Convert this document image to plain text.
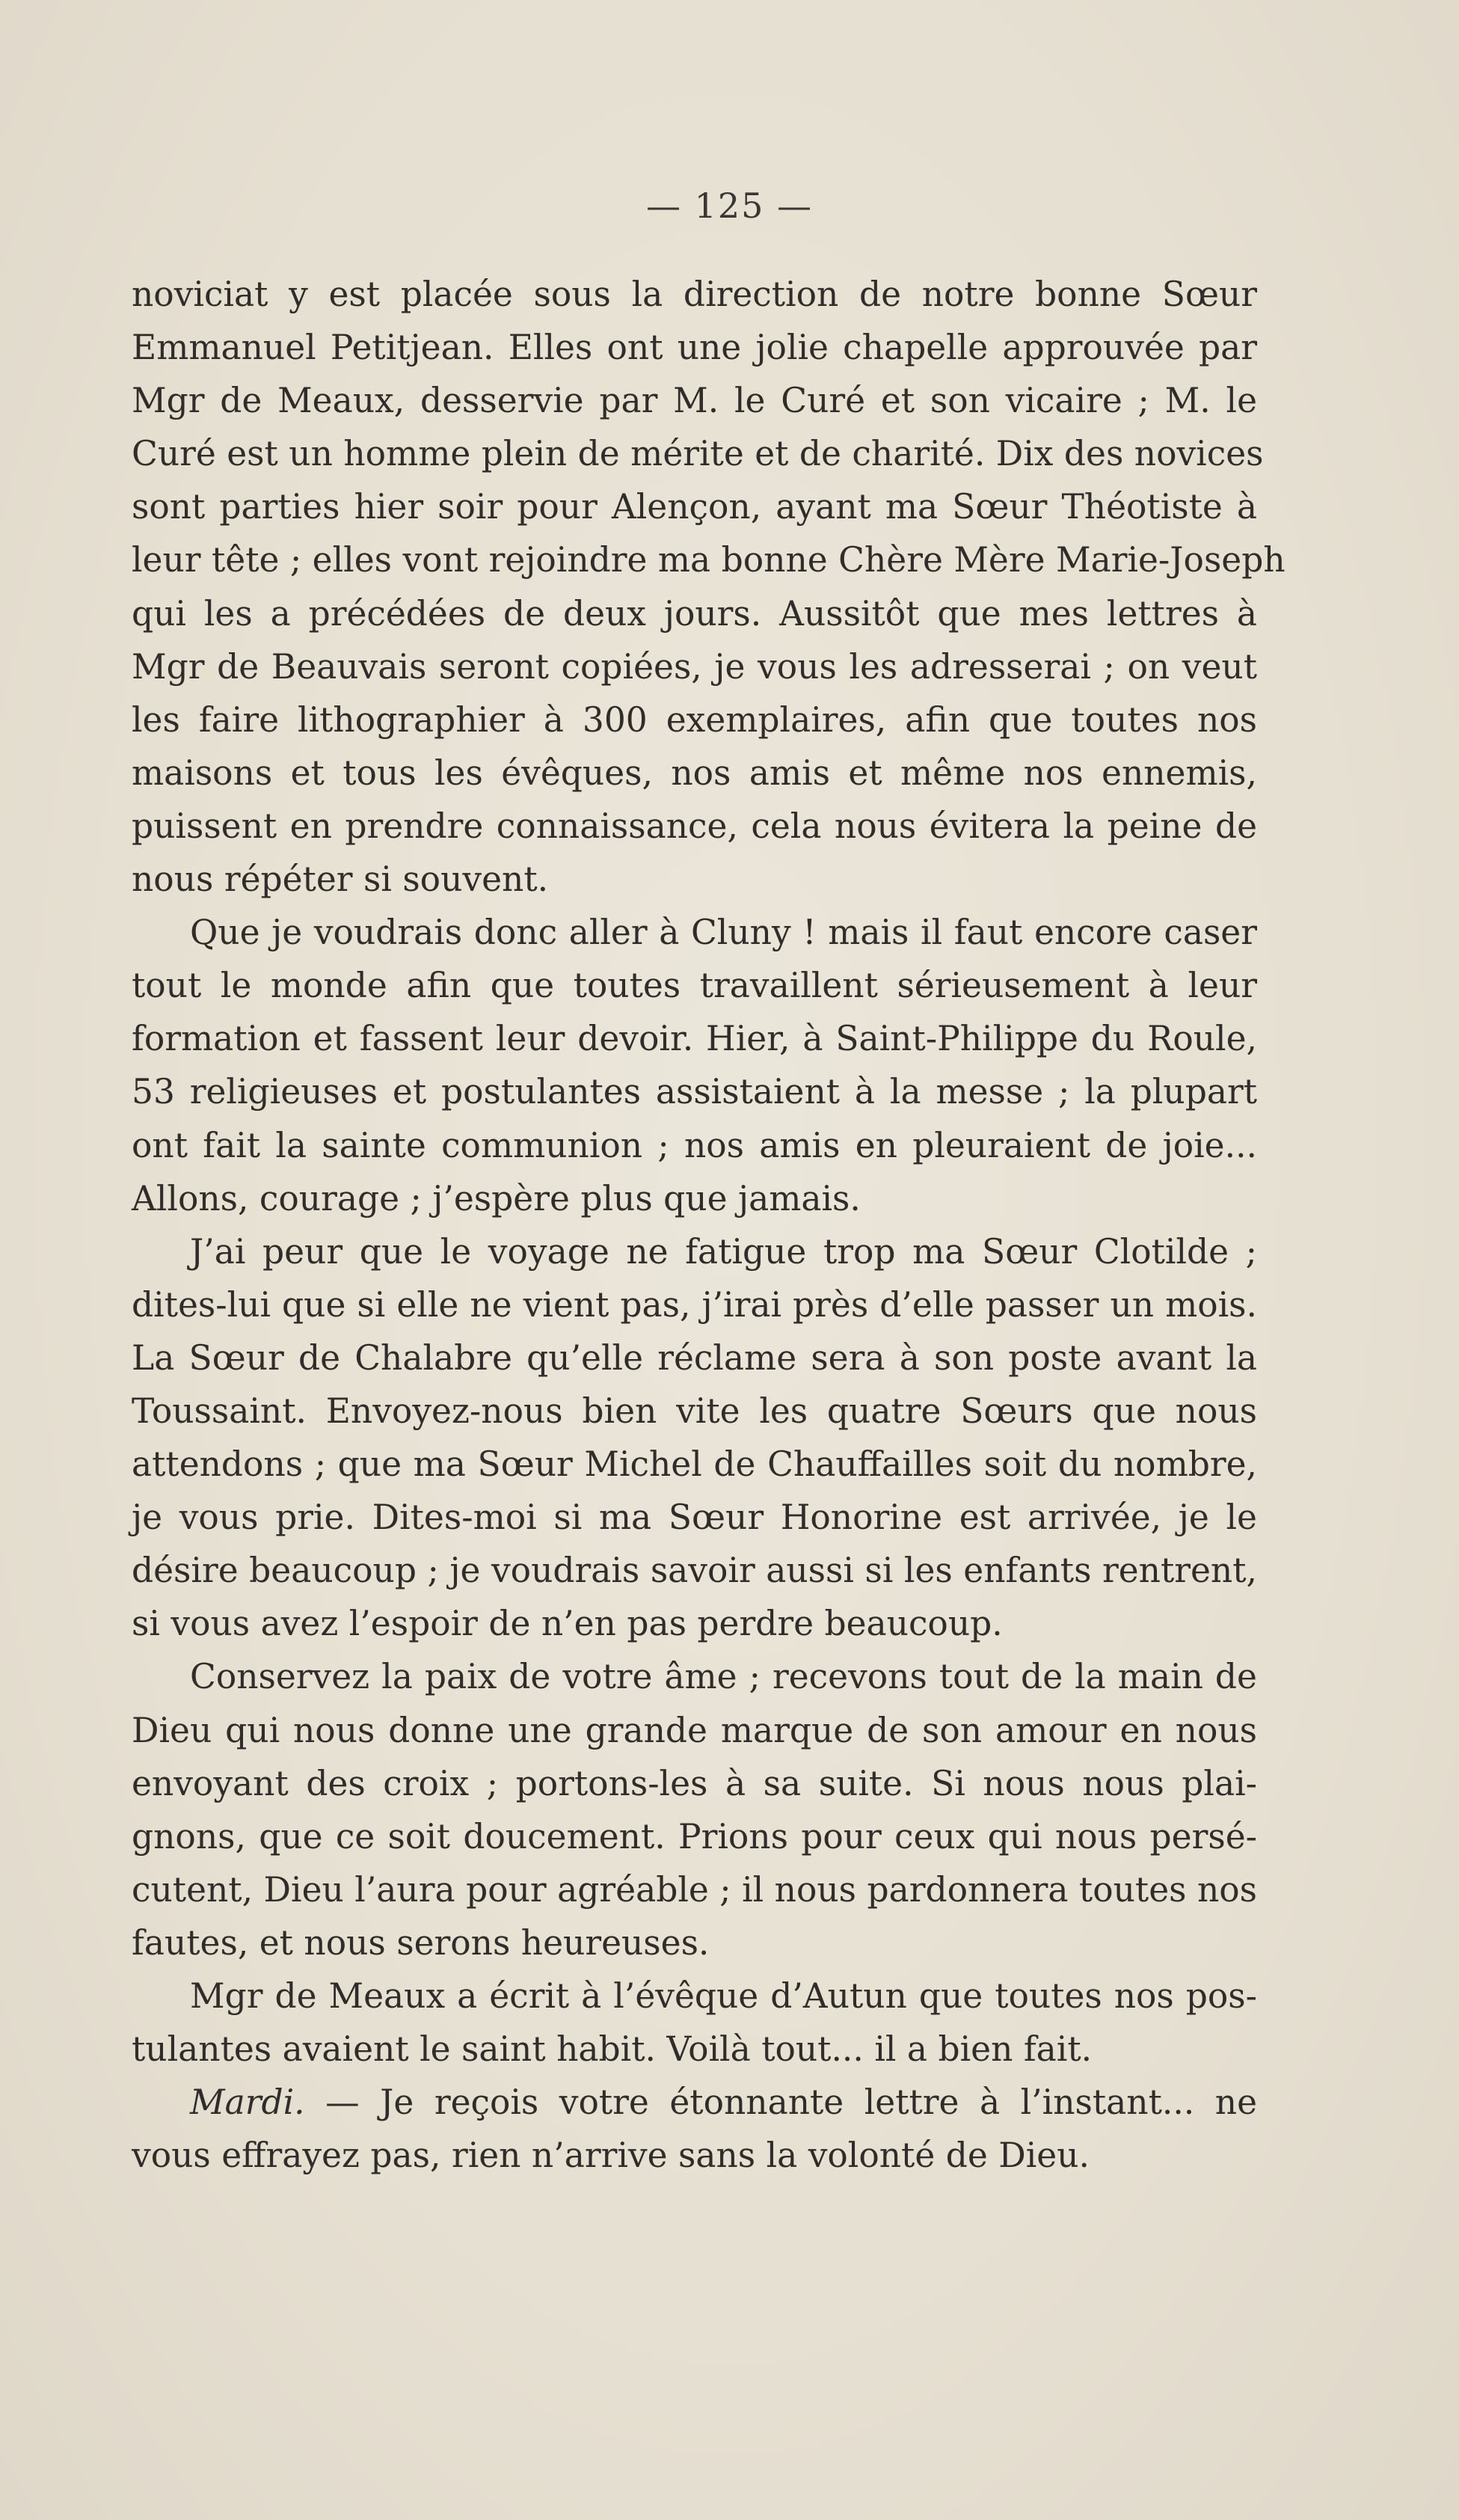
— 125 —
noviciat y est placée sous la direction de notre bonne Sœur
Emmanuel Petitjean. Elles ont une jolie chapelle approuvée par
Mgr de Meaux, desservie par M. le Curé et son vicaire ; M. le
Curé est un homme plein de mérite et de charité. Dix des novices
sont parties hier soir pour Alençon, ayant ma Sœur Théotiste à
leur tête ; elles vont rejoindre ma bonne Chère Mère Marie-Joseph
qui les a précédées de deux jours. Aussitôt que mes lettres à
Mgr de Beauvais seront copiées, je vous les adresserai ; on veut
les faire lithographier à 300 exemplaires, afin que toutes nos
maisons et tous les évêques, nos amis et même nos ennemis,
puissent en prendre connaissance, cela nous évitera la peine de
nous répéter si souvent.
Que je voudrais donc aller à Cluny ! mais il faut encore caser
tout le monde afin que toutes travaillent sérieusement à leur
formation et fassent leur devoir. Hier, à Saint-Philippe du Roule,
53 religieuses et postulantes assistaient à la messe ; la plupart
ont fait la sainte communion ; nos amis en pleuraient de joie...
Allons, courage ; j’espère plus que jamais.
J’ai peur que le voyage ne fatigue trop ma Sœur Clotilde ;
dites-lui que si elle ne vient pas, j’irai près d’elle passer un mois.
La Sœur de Chalabre qu’elle réclame sera à son poste avant la
Toussaint. Envoyez-nous bien vite les quatre Sœurs que nous
attendons ; que ma Sœur Michel de Chauffailles soit du nombre,
je vous prie. Dites-moi si ma Sœur Honorine est arrivée, je le
désire beaucoup ; je voudrais savoir aussi si les enfants rentrent,
si vous avez l’espoir de n’en pas perdre beaucoup.
Conservez la paix de votre âme ; recevons tout de la main de
Dieu qui nous donne une grande marque de son amour en nous
envoyant des croix ; portons-les à sa suite. Si nous nous plai-
gnons, que ce soit doucement. Prions pour ceux qui nous persé-
cutent, Dieu l’aura pour agréable ; il nous pardonnera toutes nos
fautes, et nous serons heureuses.
Mgr de Meaux a écrit à l’évêque d’Autun que toutes nos pos-
tulantes avaient le saint habit. Voilà tout... il a bien fait.
Mardi. — Je reçois votre étonnante lettre à l’instant... ne
vous effrayez pas, rien n’arrive sans la volonté de Dieu.
